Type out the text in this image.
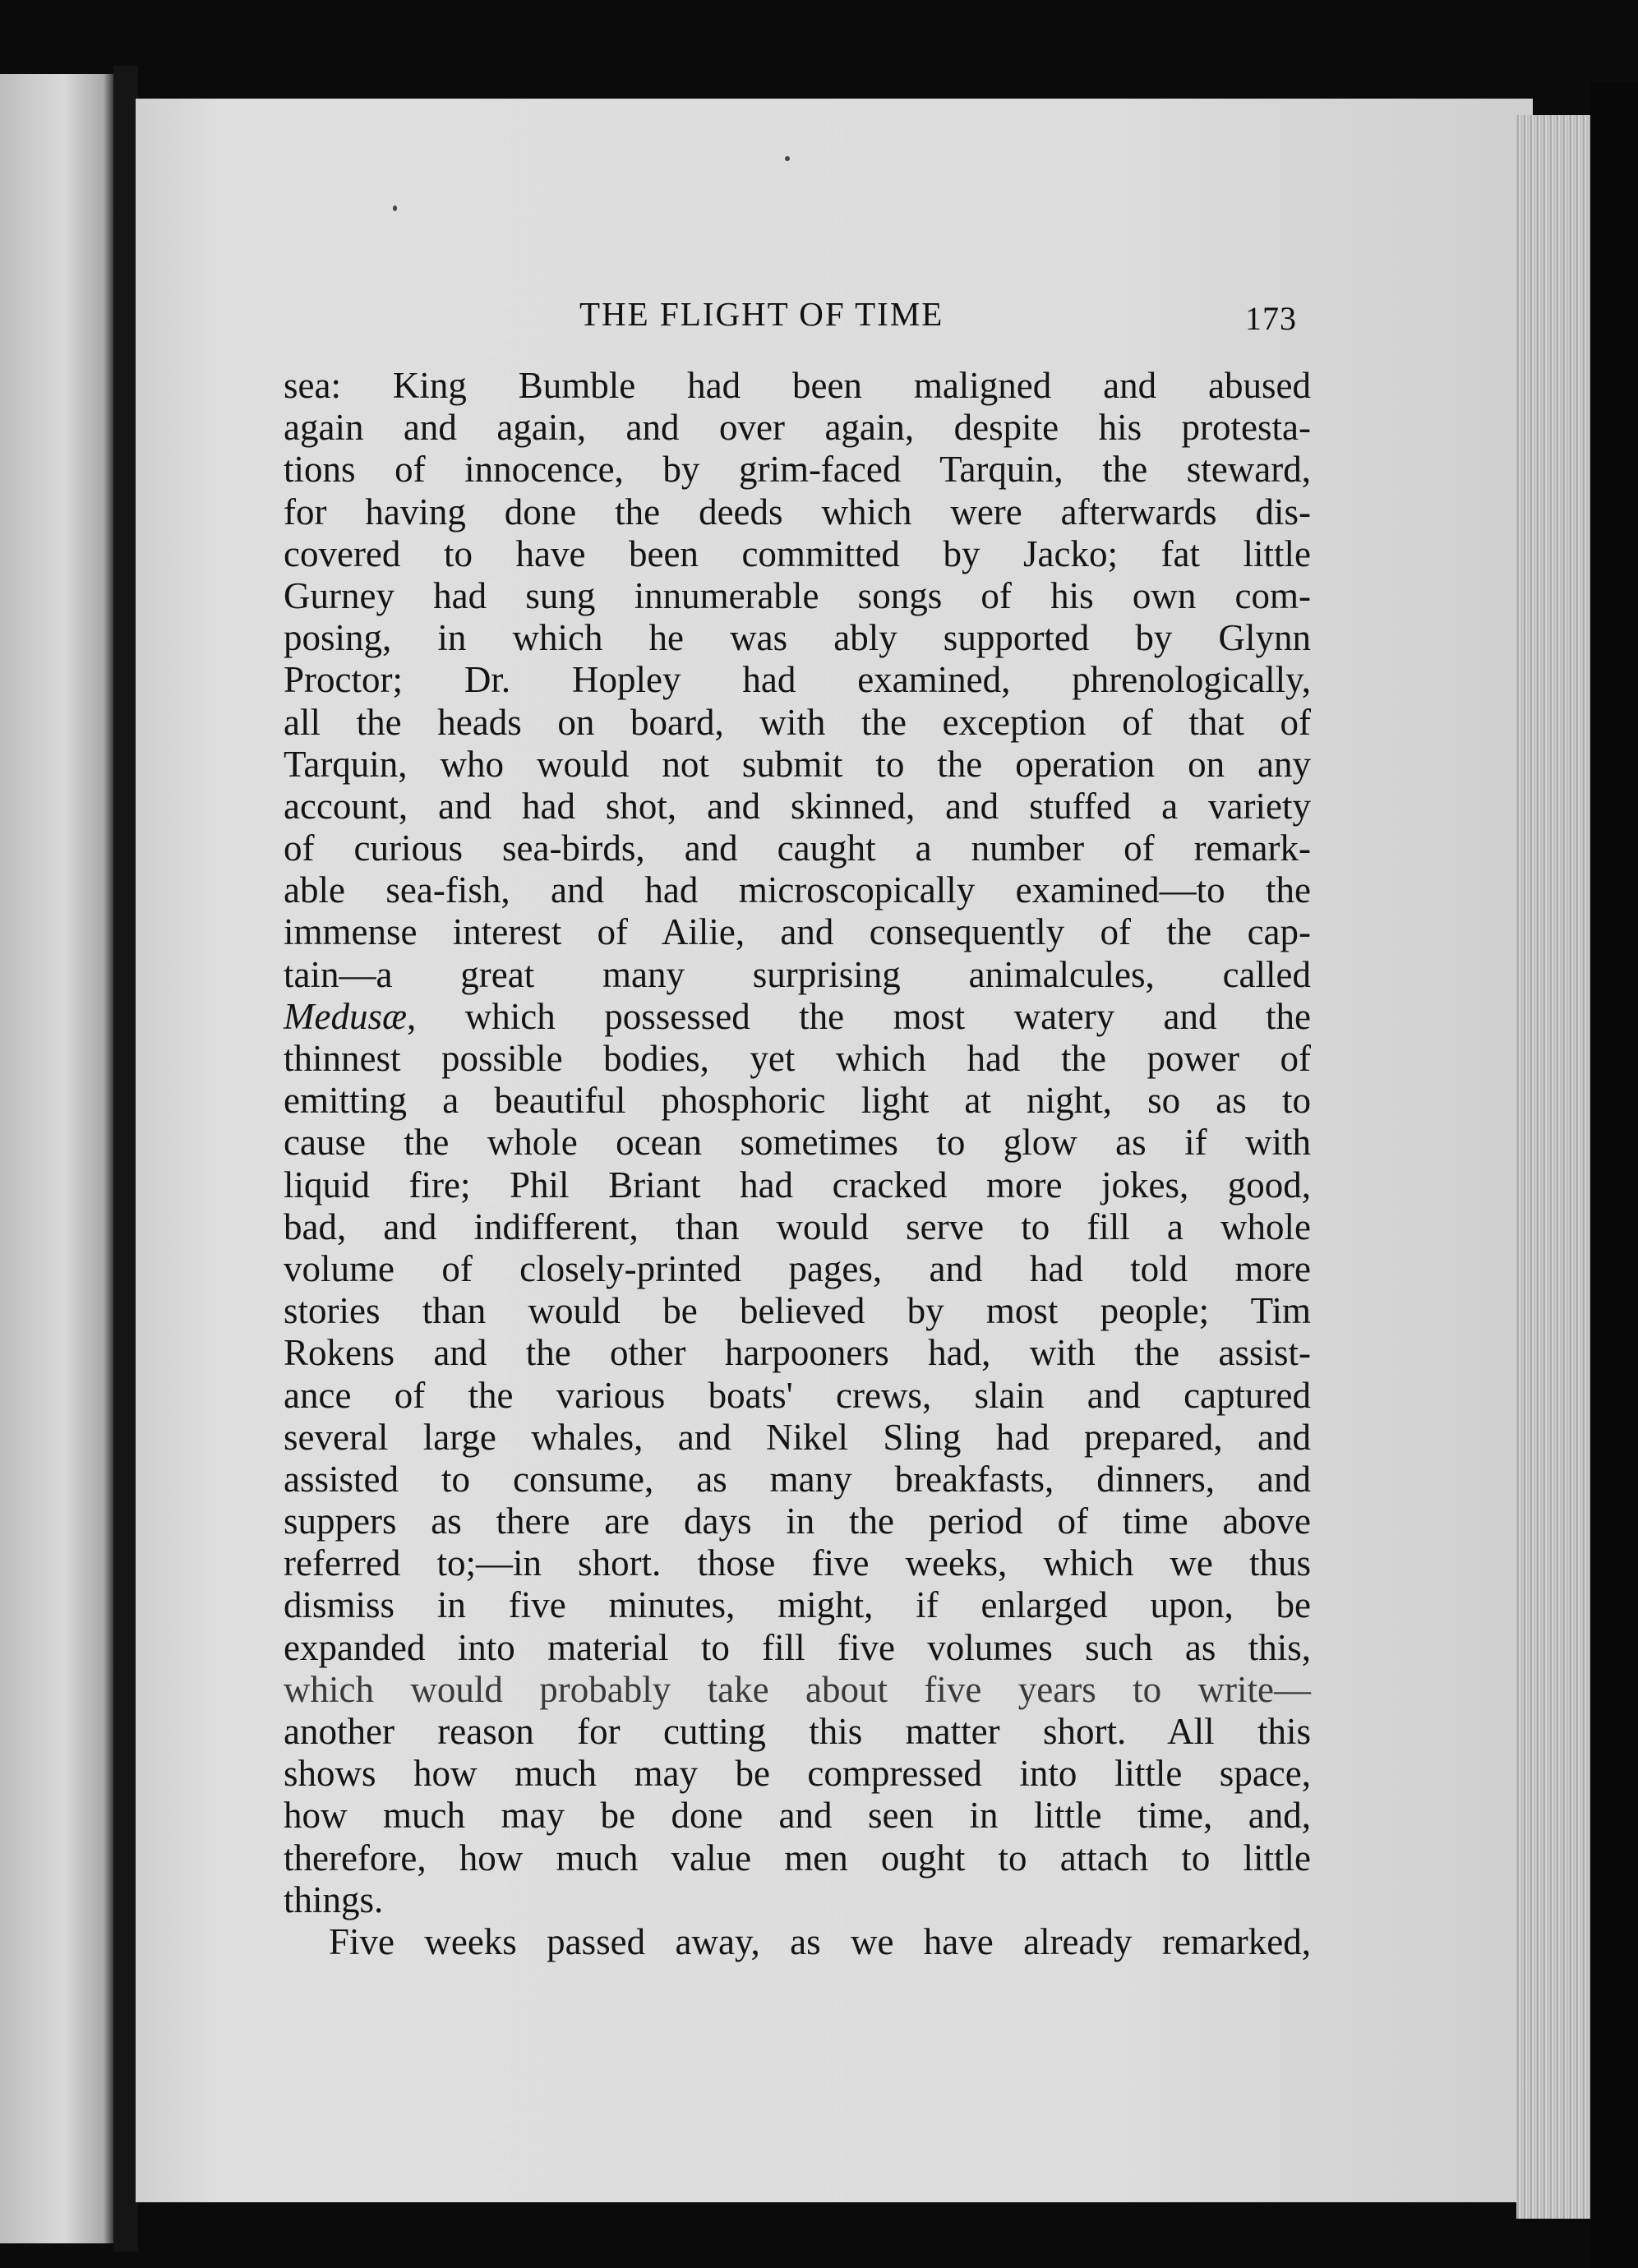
THE FLIGHT OF TIME	173
sea: King Bumble had been maligned and abused
again and again, and over again, despite his protesta-
tions of innocence, by grim-faced Tarquin, the steward,
for having done the deeds which were afterwards dis-
covered to have been committed by Jacko; fat little
Gurney had sung innumerable songs of his own com-
posing, in which he was ably supported by Glynn
Proctor; Dr. Hopley had examined, phrenologically,
all the heads on board, with the exception of that of
Tarquin, who would not submit to the operation on any
account, and had shot, and skinned, and stuffed a variety
of curious sea-birds, and caught a number of remark-
able sea-fish, and had microscopically examined—to the
immense interest of Ailie, and consequently of the cap-
tain—a great many surprising animalcules, called
Medusæ, which possessed the most watery and the
thinnest possible bodies, yet which had the power of
emitting a beautiful phosphoric light at night, so as to
cause the whole ocean sometimes to glow as if with
liquid fire; Phil Briant had cracked more jokes, good,
bad, and indifferent, than would serve to fill a whole
volume of closely-printed pages, and had told more
stories than would be believed by most people; Tim
Rokens and the other harpooners had, with the assist-
ance of the various boats' crews, slain and captured
several large whales, and Nikel Sling had prepared, and
assisted to consume, as many breakfasts, dinners, and
suppers as there are days in the period of time above
referred to;—in short. those five weeks, which we thus
dismiss in five minutes, might, if enlarged upon, be
expanded into material to fill five volumes such as this,
which would probably take about five years to write—
another reason for cutting this matter short. All this
shows how much may be compressed into little space,
how much may be done and seen in little time, and,
therefore, how much value men ought to attach to little
things.
Five weeks passed away, as we have already remarked,
